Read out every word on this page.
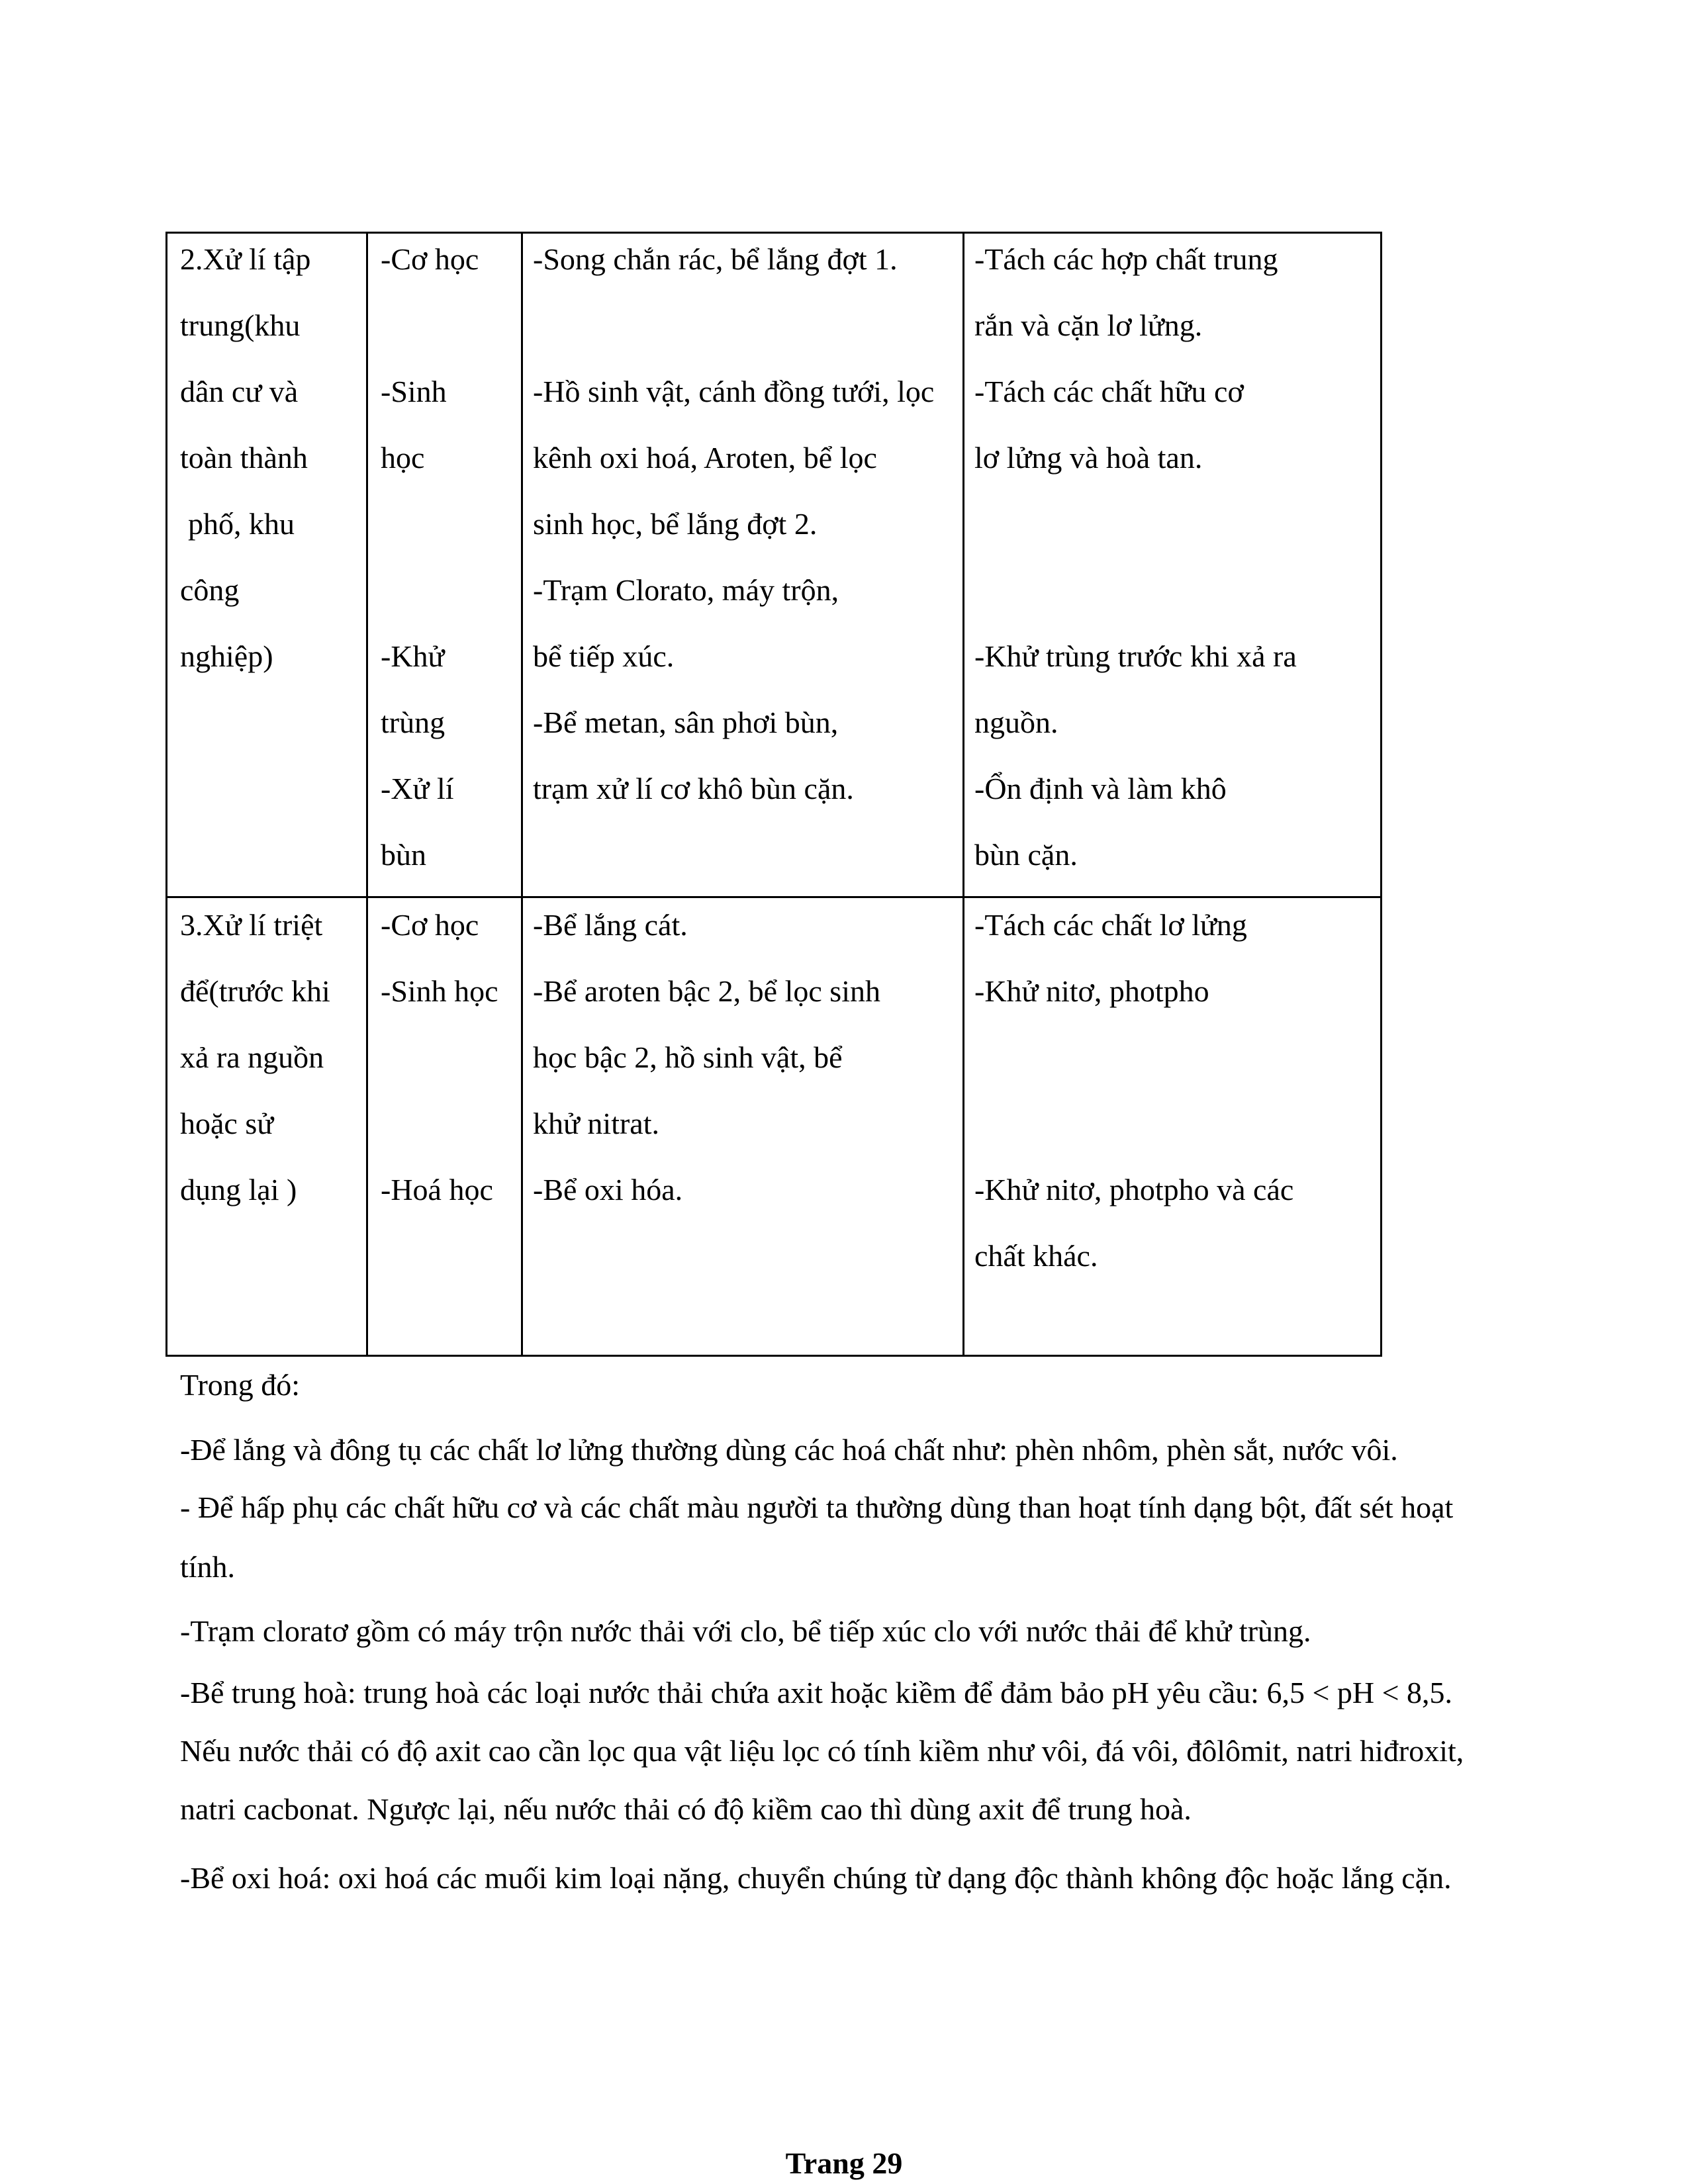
2.Xử lí tập
trung(khu
dân cư và
toàn thành
phố, khu
công
nghiệp)
-Cơ học
-Sinh
học
-Khử
trùng
-Xử lí
bùn
-Song chắn rác, bể lắng đợt 1.
-Hồ sinh vật, cánh đồng tưới, lọc
kênh oxi hoá, Aroten, bể lọc
sinh học, bể lắng đợt 2.
-Trạm Clorato, máy trộn,
bể tiếp xúc.
-Bể metan, sân phơi bùn,
trạm xử lí cơ khô bùn cặn.
-Tách các hợp chất trung
rắn và cặn lơ lửng.
-Tách các chất hữu cơ
lơ lửng và hoà tan.
-Khử trùng trước khi xả ra
nguồn.
-Ổn định và làm khô
bùn cặn.
3.Xử lí triệt
để(trước khi
xả ra nguồn
hoặc sử
dụng lại )
-Cơ học
-Sinh học
-Hoá học
-Bể lắng cát.
-Bể aroten bậc 2, bể lọc sinh
học bậc 2, hồ sinh vật, bể
khử nitrat.
-Bể oxi hóa.
-Tách các chất lơ lửng
-Khử nitơ, photpho
-Khử nitơ, photpho và các
chất khác.
Trong đó:
-Để lắng và đông tụ các chất lơ lửng thường dùng các hoá chất như: phèn nhôm, phèn sắt, nước vôi.
- Để hấp phụ các chất hữu cơ và các chất màu người ta thường dùng than hoạt tính dạng bột, đất sét hoạt
tính.
-Trạm cloratơ gồm có máy trộn nước thải với clo, bể tiếp xúc clo với nước thải để khử trùng.
-Bể trung hoà: trung hoà các loại nước thải chứa axit hoặc kiềm để đảm bảo pH yêu cầu: 6,5 < pH < 8,5.
Nếu nước thải có độ axit cao cần lọc qua vật liệu lọc có tính kiềm như vôi, đá vôi, đôlômit, natri hiđroxit,
natri cacbonat. Ngược lại, nếu nước thải có độ kiềm cao thì dùng axit để trung hoà.
-Bể oxi hoá: oxi hoá các muối kim loại nặng, chuyển chúng từ dạng độc thành không độc hoặc lắng cặn.
Trang 29
